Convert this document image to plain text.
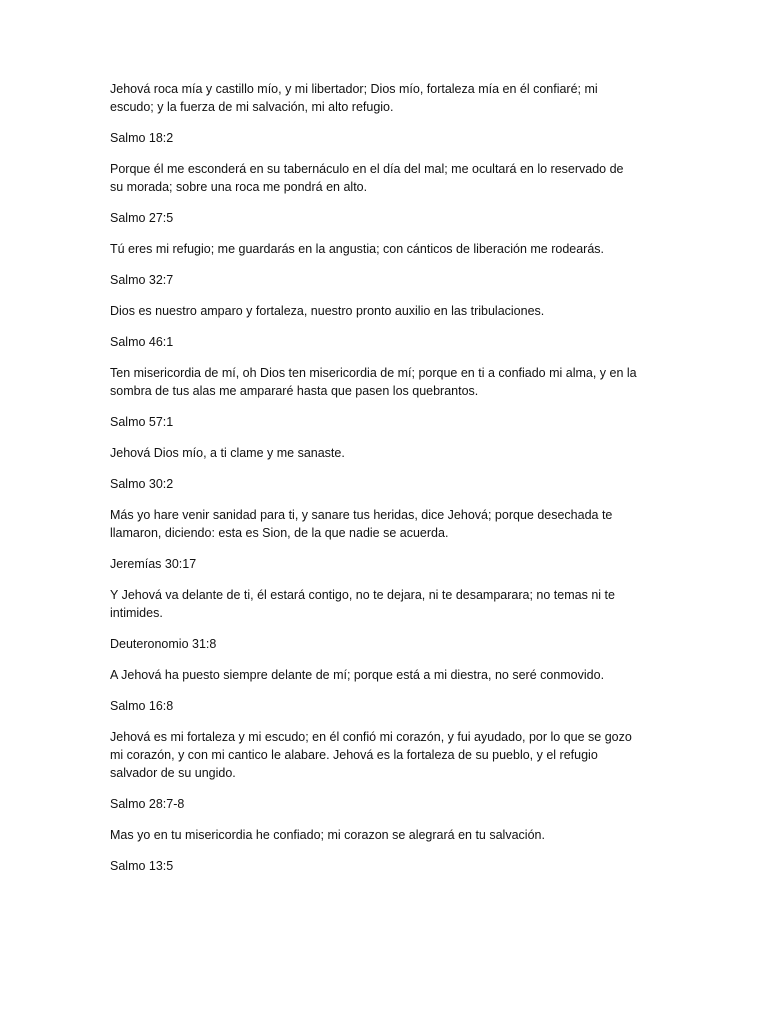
Jehová roca mía y castillo mío, y mi libertador; Dios mío, fortaleza mía en él confiaré; mi escudo; y la fuerza de mi salvación, mi alto refugio.

Salmo 18:2

Porque él me esconderá en su tabernáculo en el día del mal; me ocultará en lo reservado de su morada; sobre una roca me pondrá en alto.

Salmo 27:5

Tú eres mi refugio; me guardarás en la angustia; con cánticos de liberación me rodearás.

Salmo 32:7

Dios es nuestro amparo y fortaleza, nuestro pronto auxilio en las tribulaciones.

Salmo 46:1

Ten misericordia de mí, oh Dios ten misericordia de mí; porque en ti a confiado mi alma, y en la sombra de tus alas me ampararé hasta que pasen los quebrantos.

Salmo 57:1

Jehová Dios mío, a ti clame y me sanaste.

Salmo 30:2

Más yo hare venir sanidad para ti, y sanare tus heridas, dice Jehová; porque desechada te llamaron, diciendo: esta es Sion, de la que nadie se acuerda.

Jeremías 30:17

Y Jehová va delante de ti, él estará contigo, no te dejara, ni te desamparara; no temas ni te intimides.

Deuteronomio 31:8

A Jehová ha puesto siempre delante de mí; porque está a mi diestra, no seré conmovido.

Salmo 16:8

Jehová es mi fortaleza y mi escudo; en él confió mi corazón, y fui ayudado, por lo que se gozo mi corazón, y con mi cantico le alabare. Jehová es la fortaleza de su pueblo, y el refugio salvador de su ungido.

Salmo 28:7-8

Mas yo en tu misericordia he confiado; mi corazon se alegrará en tu salvación.

Salmo 13:5
